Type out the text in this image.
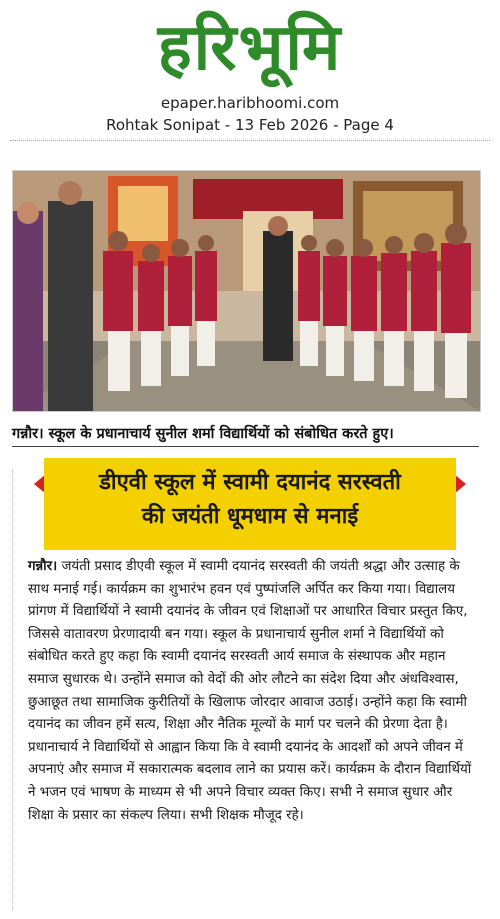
हरिभूमि
epaper.haribhoomi.com
Rohtak Sonipat - 13 Feb 2026 - Page 4
गन्नौर। स्कूल के प्रधानाचार्य सुनील शर्मा विद्यार्थियों को संबोधित करते हुए।
डीएवी स्कूल में स्वामी दयानंद सरस्वती
की जयंती धूमधाम से मनाई
गन्नौर। जयंती प्रसाद डीएवी स्कूल में स्वामी दयानंद सरस्वती की जयंती श्रद्धा और उत्साह के साथ मनाई गई। कार्यक्रम का शुभारंभ हवन एवं पुष्पांजलि अर्पित कर किया गया। विद्यालय प्रांगण में विद्यार्थियों ने स्वामी दयानंद के जीवन एवं शिक्षाओं पर आधारित विचार प्रस्तुत किए, जिससे वातावरण प्रेरणादायी बन गया। स्कूल के प्रधानाचार्य सुनील शर्मा ने विद्यार्थियों को संबोधित करते हुए कहा कि स्वामी दयानंद सरस्वती आर्य समाज के संस्थापक और महान समाज सुधारक थे। उन्होंने समाज को वेदों की ओर लौटने का संदेश दिया और अंधविश्वास, छुआछूत तथा सामाजिक कुरीतियों के खिलाफ जोरदार आवाज उठाई। उन्होंने कहा कि स्वामी दयानंद का जीवन हमें सत्य, शिक्षा और नैतिक मूल्यों के मार्ग पर चलने की प्रेरणा देता है। प्रधानाचार्य ने विद्यार्थियों से आह्वान किया कि वे स्वामी दयानंद के आदर्शों को अपने जीवन में अपनाएं और समाज में सकारात्मक बदलाव लाने का प्रयास करें। कार्यक्रम के दौरान विद्यार्थियों ने भजन एवं भाषण के माध्यम से भी अपने विचार व्यक्त किए। सभी ने समाज सुधार और शिक्षा के प्रसार का संकल्प लिया। सभी शिक्षक मौजूद रहे।
